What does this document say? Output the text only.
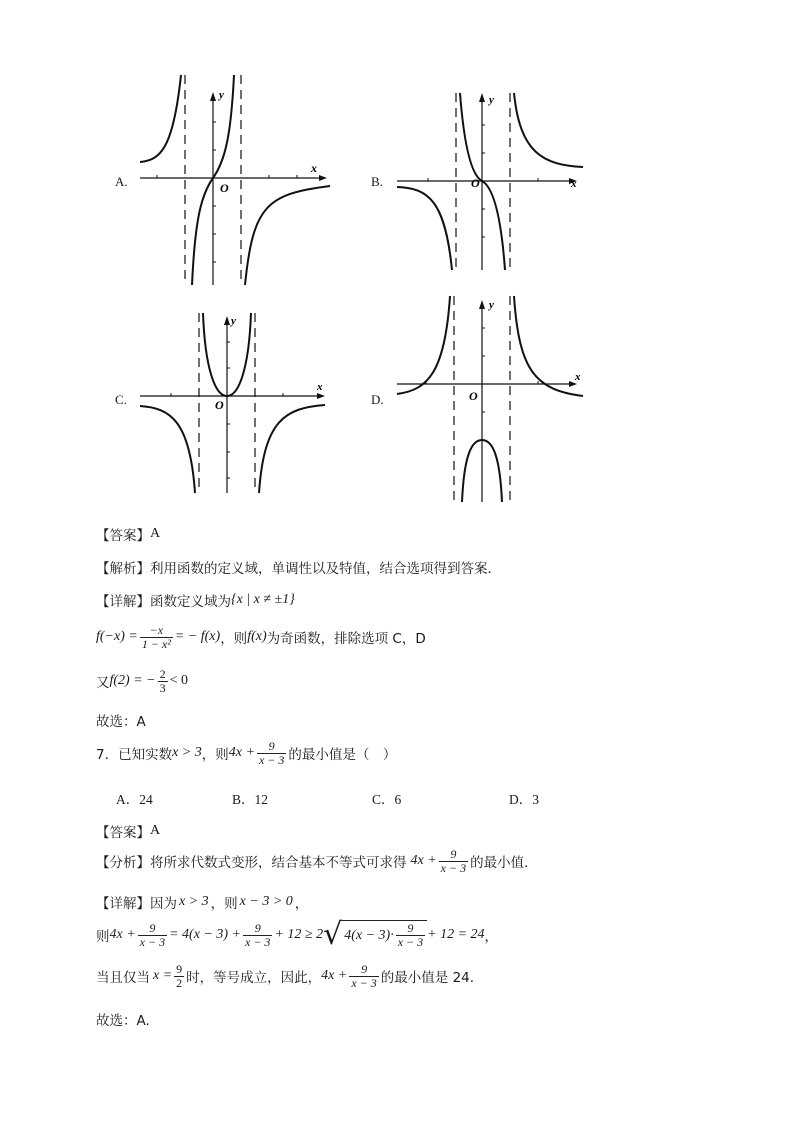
A.	O
x
y
B.	O	x
y
C.	O
x
y
D.	O
x
y
【答案】 A
【解析】 利用函数的定义域，单调性以及特值，结合选项得到答案．
【详解】 函数定义域为 {x | x ≠ ±1}
$f(-x) = \frac{-x}{\text{1 − x²}}$ = − f(x) ，则 f(x) 为奇函数，排除选项 C，D
又 f(2) = − $\frac{2}{3} < 0$
故选：A
7．已知实数 x > 3 ，则 $4x + \frac{9}{x - 3}$ 的最小值是（　）
A．24	B．12	C．6	D．3
【答案】 A
【分析】 将所求代数式变形，结合基本不等式可求得 $4x + \frac{9}{x - 3}$ 的最小值.
【详解】 因为 x > 3 ，则 x − 3 > 0 ，
则 $4x + \frac{9}{x - 3} = 4(x - 3) + \frac{9}{x - 3} + 12 \ge 2$ √ $4(x - 3)\cdot \frac{9}{x - 3} + 12 = 24$ ，
当且仅当 $x = \frac{9}{2}$ 时，等号成立，因此， $4x + \frac{9}{x - 3}$ 的最小值是 24.
故选：A.
